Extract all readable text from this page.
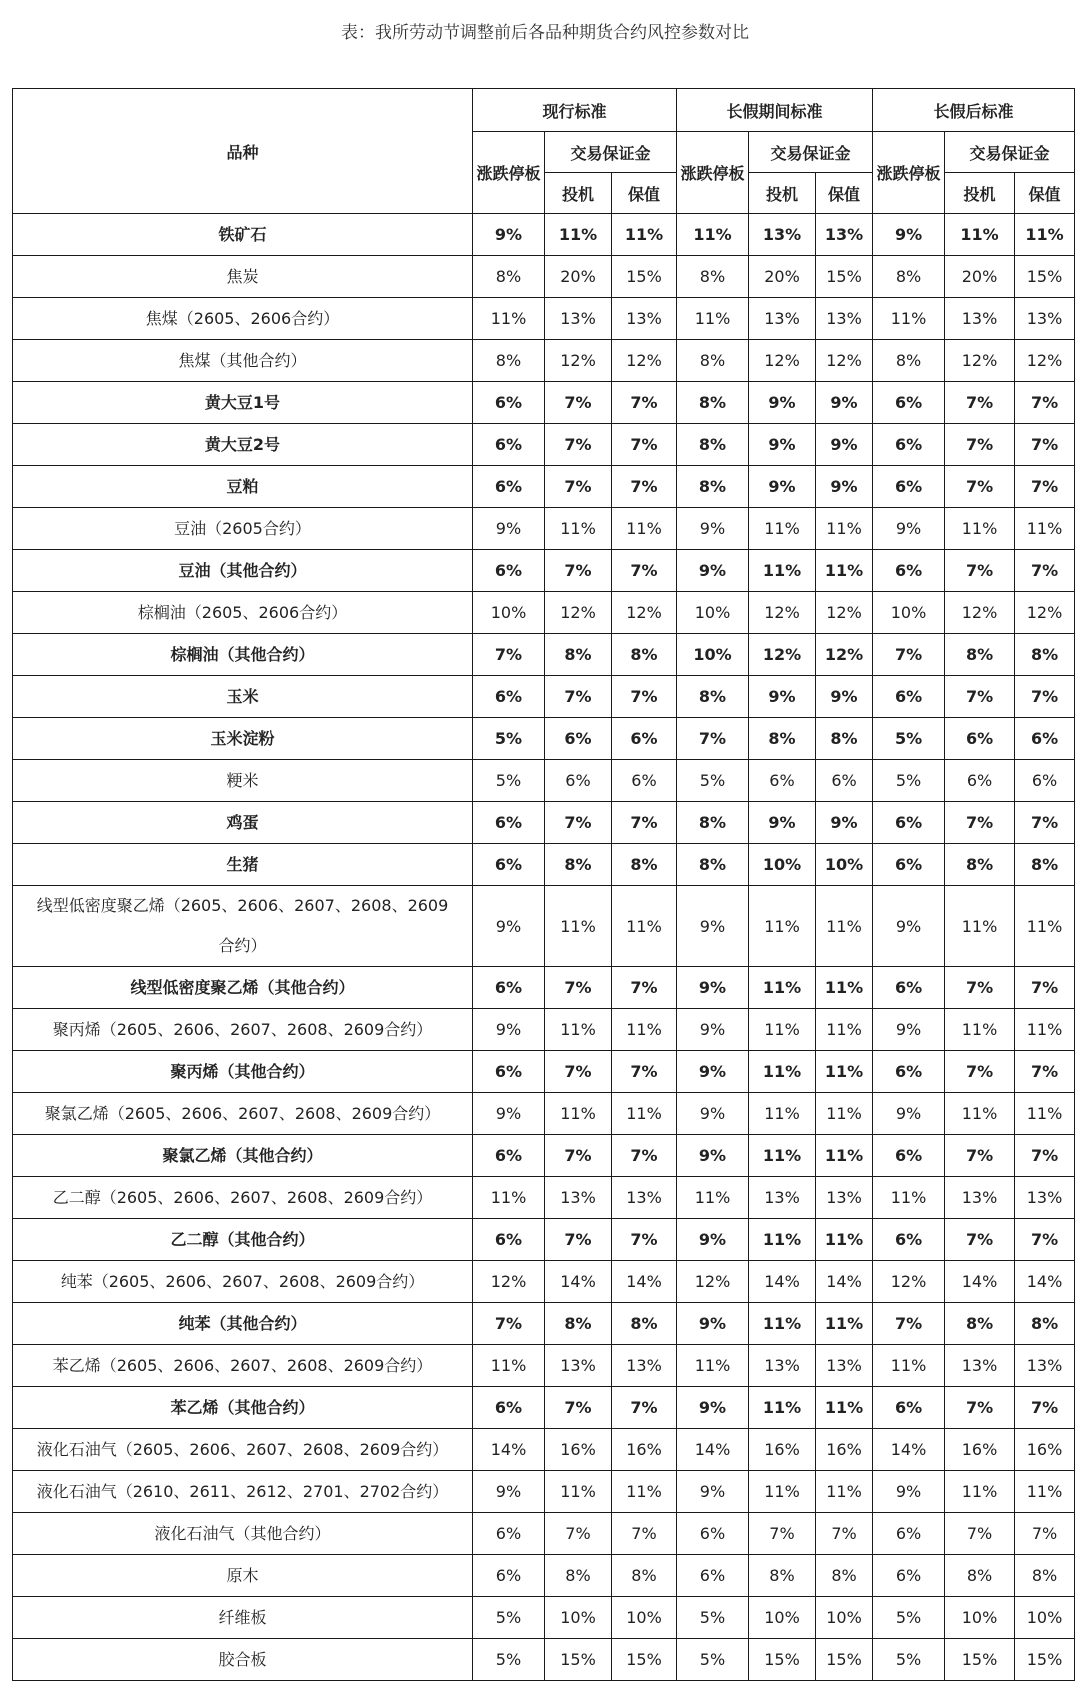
表：我所劳动节调整前后各品种期货合约风控参数对比
品种	现行标准			长假期间标准			长假后标准		
	涨跌停板	交易保证金		涨跌停板	交易保证金		涨跌停板	交易保证金	
		投机	保值		投机	保值		投机	保值

铁矿石	9%	11%	11%	11%	13%	13%	9%	11%	11%

焦炭	8%	20%	15%	8%	20%	15%	8%	20%	15%

焦煤（2605、2606合约）	11%	13%	13%	11%	13%	13%	11%	13%	13%

焦煤（其他合约）	8%	12%	12%	8%	12%	12%	8%	12%	12%

黄大豆1号	6%	7%	7%	8%	9%	9%	6%	7%	7%

黄大豆2号	6%	7%	7%	8%	9%	9%	6%	7%	7%

豆粕	6%	7%	7%	8%	9%	9%	6%	7%	7%

豆油（2605合约）	9%	11%	11%	9%	11%	11%	9%	11%	11%

豆油（其他合约）	6%	7%	7%	9%	11%	11%	6%	7%	7%

棕榈油（2605、2606合约）	10%	12%	12%	10%	12%	12%	10%	12%	12%

棕榈油（其他合约）	7%	8%	8%	10%	12%	12%	7%	8%	8%

玉米	6%	7%	7%	8%	9%	9%	6%	7%	7%

玉米淀粉	5%	6%	6%	7%	8%	8%	5%	6%	6%

粳米	5%	6%	6%	5%	6%	6%	5%	6%	6%

鸡蛋	6%	7%	7%	8%	9%	9%	6%	7%	7%

生猪	6%	8%	8%	8%	10%	10%	6%	8%	8%

线型低密度聚乙烯（2605、2606、2607、2608、2609
合约）	9%	11%	11%	9%	11%	11%	9%	11%	11%

线型低密度聚乙烯（其他合约）	6%	7%	7%	9%	11%	11%	6%	7%	7%

聚丙烯（2605、2606、2607、2608、2609合约）	9%	11%	11%	9%	11%	11%	9%	11%	11%

聚丙烯（其他合约）	6%	7%	7%	9%	11%	11%	6%	7%	7%

聚氯乙烯（2605、2606、2607、2608、2609合约）	9%	11%	11%	9%	11%	11%	9%	11%	11%

聚氯乙烯（其他合约）	6%	7%	7%	9%	11%	11%	6%	7%	7%

乙二醇（2605、2606、2607、2608、2609合约）	11%	13%	13%	11%	13%	13%	11%	13%	13%

乙二醇（其他合约）	6%	7%	7%	9%	11%	11%	6%	7%	7%

纯苯（2605、2606、2607、2608、2609合约）	12%	14%	14%	12%	14%	14%	12%	14%	14%

纯苯（其他合约）	7%	8%	8%	9%	11%	11%	7%	8%	8%

苯乙烯（2605、2606、2607、2608、2609合约）	11%	13%	13%	11%	13%	13%	11%	13%	13%

苯乙烯（其他合约）	6%	7%	7%	9%	11%	11%	6%	7%	7%

液化石油气（2605、2606、2607、2608、2609合约）	14%	16%	16%	14%	16%	16%	14%	16%	16%

液化石油气（2610、2611、2612、2701、2702合约）	9%	11%	11%	9%	11%	11%	9%	11%	11%

液化石油气（其他合约）	6%	7%	7%	6%	7%	7%	6%	7%	7%

原木	6%	8%	8%	6%	8%	8%	6%	8%	8%

纤维板	5%	10%	10%	5%	10%	10%	5%	10%	10%

胶合板	5%	15%	15%	5%	15%	15%	5%	15%	15%
